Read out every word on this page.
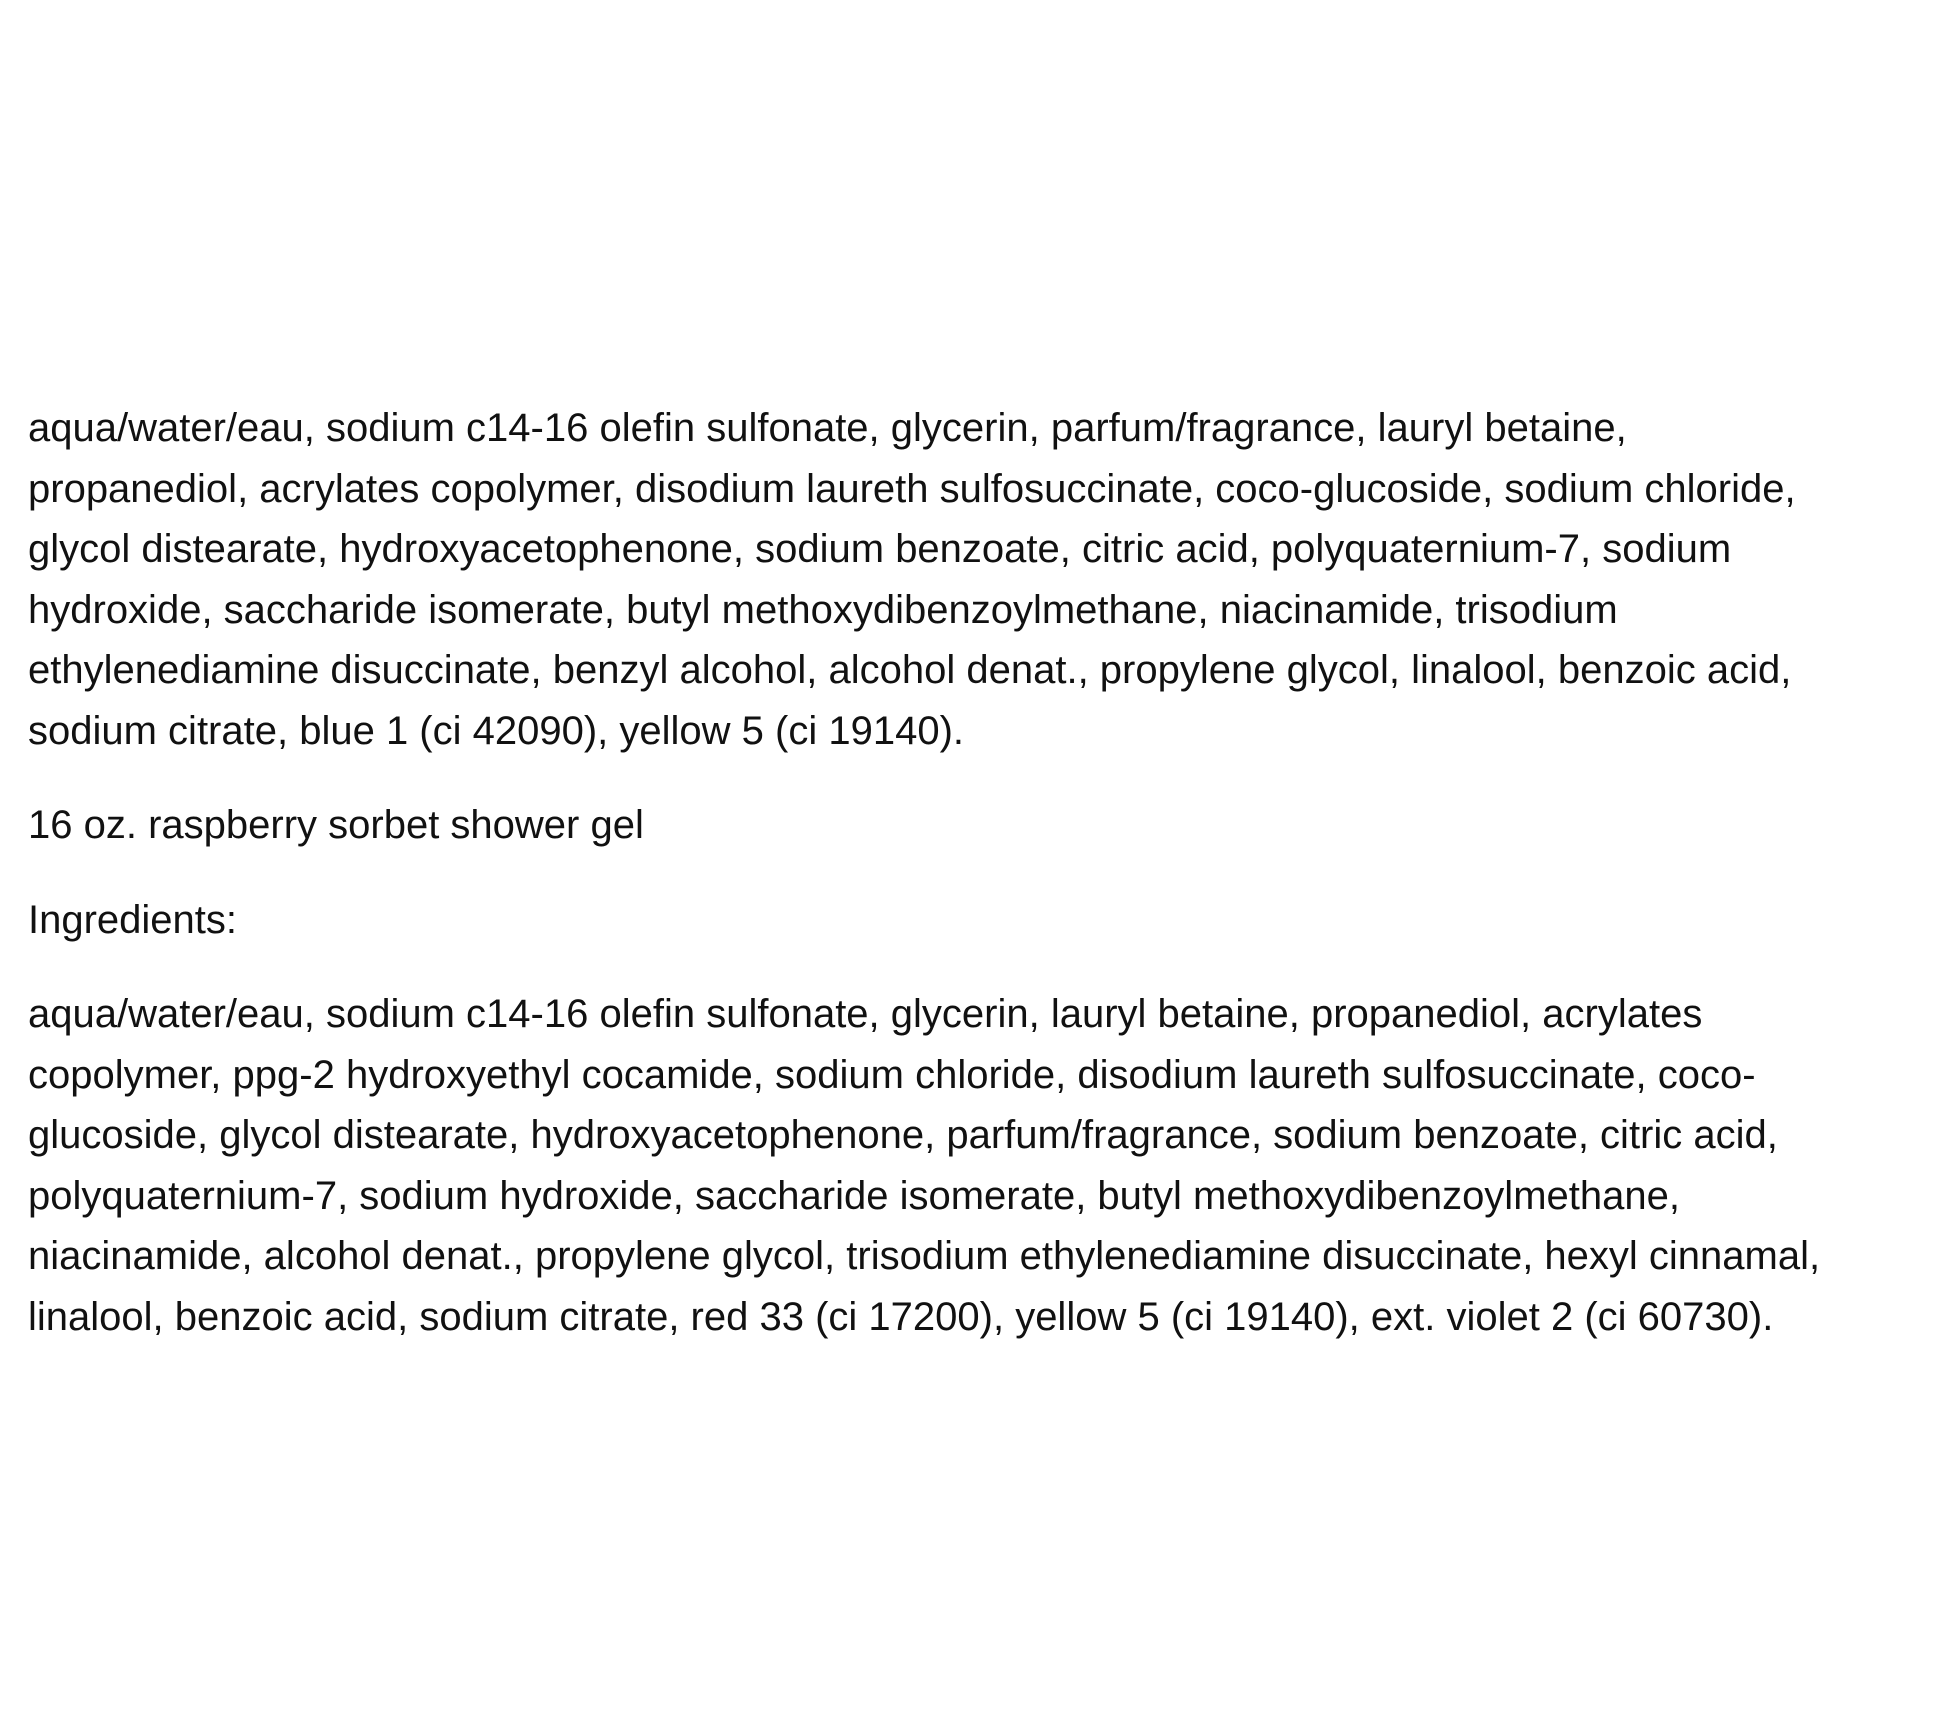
aqua/water/eau, sodium c14-16 olefin sulfonate, glycerin, parfum/fragrance, lauryl betaine,

propanediol, acrylates copolymer, disodium laureth sulfosuccinate, coco-glucoside, sodium chloride,

glycol distearate, hydroxyacetophenone, sodium benzoate, citric acid, polyquaternium-7, sodium

hydroxide, saccharide isomerate, butyl methoxydibenzoylmethane, niacinamide, trisodium

ethylenediamine disuccinate, benzyl alcohol, alcohol denat., propylene glycol, linalool, benzoic acid,

sodium citrate, blue 1 (ci 42090), yellow 5 (ci 19140).

16 oz. raspberry sorbet shower gel

Ingredients:

aqua/water/eau, sodium c14-16 olefin sulfonate, glycerin, lauryl betaine, propanediol, acrylates

copolymer, ppg-2 hydroxyethyl cocamide, sodium chloride, disodium laureth sulfosuccinate, coco-

glucoside, glycol distearate, hydroxyacetophenone, parfum/fragrance, sodium benzoate, citric acid,

polyquaternium-7, sodium hydroxide, saccharide isomerate, butyl methoxydibenzoylmethane,

niacinamide, alcohol denat., propylene glycol, trisodium ethylenediamine disuccinate, hexyl cinnamal,

linalool, benzoic acid, sodium citrate, red 33 (ci 17200), yellow 5 (ci 19140), ext. violet 2 (ci 60730).
